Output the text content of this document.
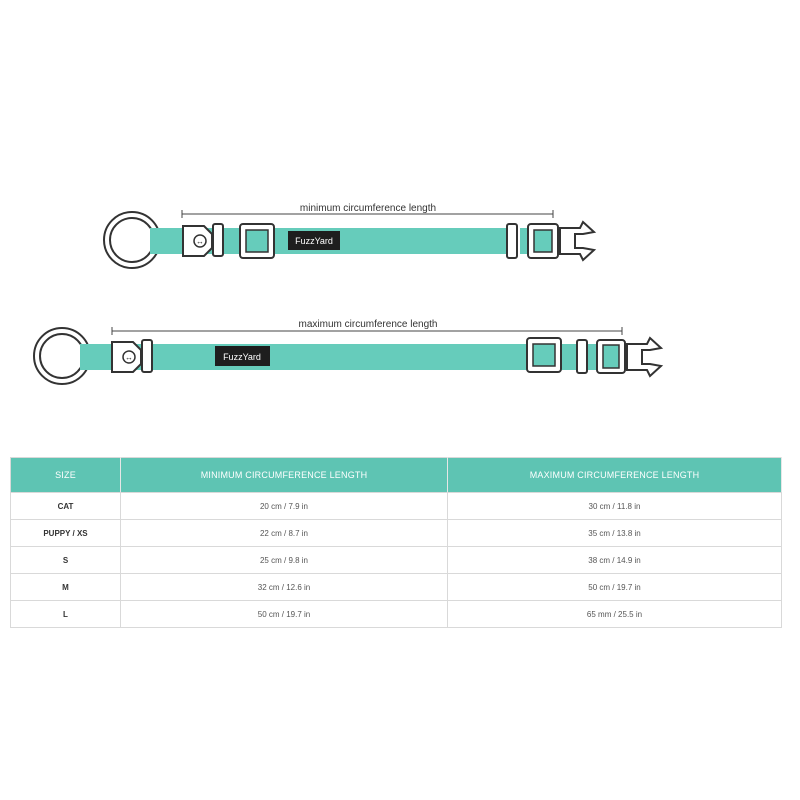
minimum circumference length
↔	FuzzYard
maximum circumference length
↔	FuzzYard
SIZE	MINIMUM CIRCUMFERENCE LENGTH	MAXIMUM CIRCUMFERENCE LENGTH
CAT	20 cm / 7.9 in	30 cm / 11.8 in
PUPPY / XS	22 cm / 8.7 in	35 cm / 13.8 in
S	25 cm / 9.8 in	38 cm / 14.9 in
M	32 cm / 12.6 in	50 cm / 19.7 in
L	50 cm / 19.7 in	65 mm / 25.5 in
